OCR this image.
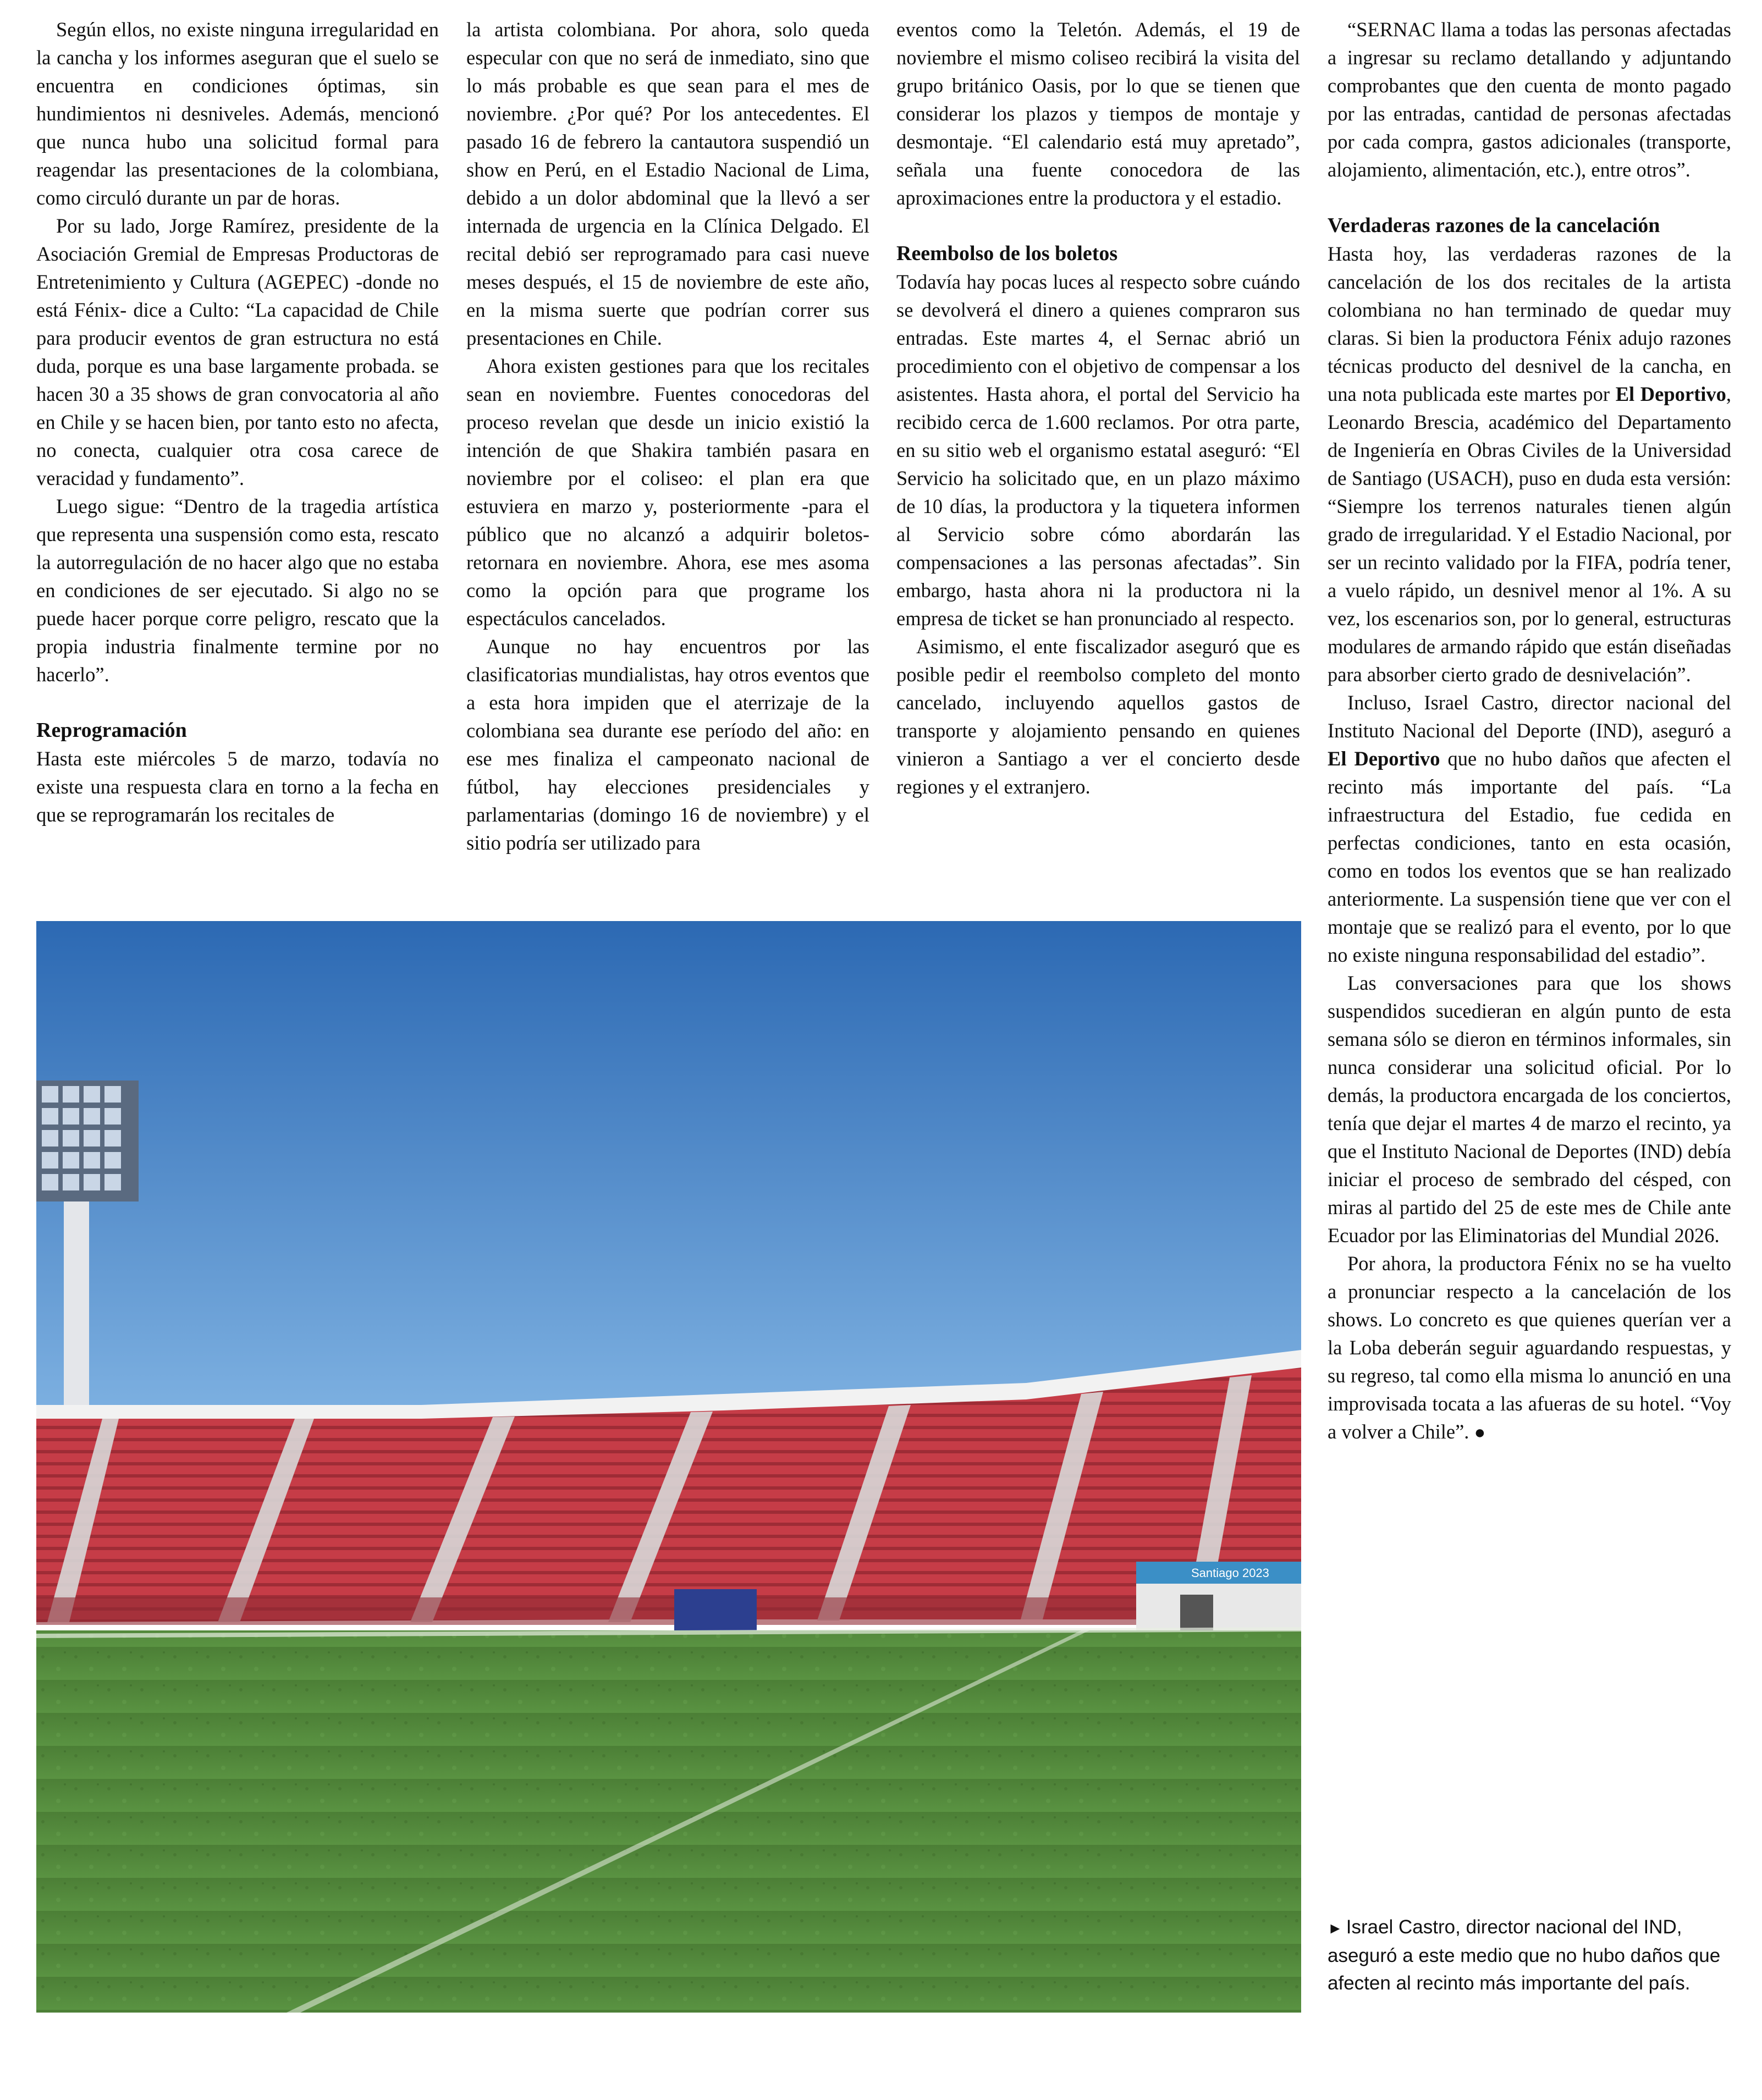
Según ellos, no existe ninguna irregularidad en la cancha y los informes aseguran que el suelo se encuentra en condiciones óptimas, sin hundimientos ni desniveles. Además, mencionó que nunca hubo una solicitud formal para reagendar las presentaciones de la colombiana, como circuló durante un par de horas.

Por su lado, Jorge Ramírez, presidente de la Asociación Gremial de Empresas Productoras de Entretenimiento y Cultura (AGEPEC) -donde no está Fénix- dice a Culto: “La capacidad de Chile para producir eventos de gran estructura no está duda, porque es una base largamente probada. se hacen 30 a 35 shows de gran convocatoria al año en Chile y se hacen bien, por tanto esto no afecta, no conecta, cualquier otra cosa carece de veracidad y fundamento”.

Luego sigue: “Dentro de la tragedia artística que representa una suspensión como esta, rescato la autorregulación de no hacer algo que no estaba en condiciones de ser ejecutado. Si algo no se puede hacer porque corre peligro, rescato que la propia industria finalmente termine por no hacerlo”.

Reprogramación

Hasta este miércoles 5 de marzo, todavía no existe una respuesta clara en torno a la fecha en que se reprogramarán los recitales de

la artista colombiana. Por ahora, solo queda especular con que no será de inmediato, sino que lo más probable es que sean para el mes de noviembre. ¿Por qué? Por los antecedentes. El pasado 16 de febrero la cantautora suspendió un show en Perú, en el Estadio Nacional de Lima, debido a un dolor abdominal que la llevó a ser internada de urgencia en la Clínica Delgado. El recital debió ser reprogramado para casi nueve meses después, el 15 de noviembre de este año, en la misma suerte que podrían correr sus presentaciones en Chile.

Ahora existen gestiones para que los recitales sean en noviembre. Fuentes conocedoras del proceso revelan que desde un inicio existió la intención de que Shakira también pasara en noviembre por el coliseo: el plan era que estuviera en marzo y, posteriormente -para el público que no alcanzó a adquirir boletos- retornara en noviembre. Ahora, ese mes asoma como la opción para que programe los espectáculos cancelados.

Aunque no hay encuentros por las clasificatorias mundialistas, hay otros eventos que a esta hora impiden que el aterrizaje de la colombiana sea durante ese período del año: en ese mes finaliza el campeonato nacional de fútbol, hay elecciones presidenciales y parlamentarias (domingo 16 de noviembre) y el sitio podría ser utilizado para

eventos como la Teletón. Además, el 19 de noviembre el mismo coliseo recibirá la visita del grupo británico Oasis, por lo que se tienen que considerar los plazos y tiempos de montaje y desmontaje. “El calendario está muy apretado”, señala una fuente conocedora de las aproximaciones entre la productora y el estadio.

Reembolso de los boletos

Todavía hay pocas luces al respecto sobre cuándo se devolverá el dinero a quienes compraron sus entradas. Este martes 4, el Sernac abrió un procedimiento con el objetivo de compensar a los asistentes. Hasta ahora, el portal del Servicio ha recibido cerca de 1.600 reclamos. Por otra parte, en su sitio web el organismo estatal aseguró: “El Servicio ha solicitado que, en un plazo máximo de 10 días, la productora y la tiquetera informen al Servicio sobre cómo abordarán las compensaciones a las personas afectadas”. Sin embargo, hasta ahora ni la productora ni la empresa de ticket se han pronunciado al respecto.

Asimismo, el ente fiscalizador aseguró que es posible pedir el reembolso completo del monto cancelado, incluyendo aquellos gastos de transporte y alojamiento pensando en quienes vinieron a Santiago a ver el concierto desde regiones y el extranjero.

“SERNAC llama a todas las personas afectadas a ingresar su reclamo detallando y adjuntando comprobantes que den cuenta de monto pagado por las entradas, cantidad de personas afectadas por cada compra, gastos adicionales (transporte, alojamiento, alimentación, etc.), entre otros”.

Verdaderas razones de la cancelación

Hasta hoy, las verdaderas razones de la cancelación de los dos recitales de la artista colombiana no han terminado de quedar muy claras. Si bien la productora Fénix adujo razones técnicas producto del desnivel de la cancha, en una nota publicada este martes por El Deportivo, Leonardo Brescia, académico del Departamento de Ingeniería en Obras Civiles de la Universidad de Santiago (USACH), puso en duda esta versión: “Siempre los terrenos naturales tienen algún grado de irregularidad. Y el Estadio Nacional, por ser un recinto validado por la FIFA, podría tener, a vuelo rápido, un desnivel menor al 1%. A su vez, los escenarios son, por lo general, estructuras modulares de armando rápido que están diseñadas para absorber cierto grado de desnivelación”.

Incluso, Israel Castro, director nacional del Instituto Nacional del Deporte (IND), aseguró a El Deportivo que no hubo daños que afecten el recinto más importante del país. “La infraestructura del Estadio, fue cedida en perfectas condiciones, tanto en esta ocasión, como en todos los eventos que se han realizado anteriormente. La suspensión tiene que ver con el montaje que se realizó para el evento, por lo que no existe ninguna responsabilidad del estadio”.

Las conversaciones para que los shows suspendidos sucedieran en algún punto de esta semana sólo se dieron en términos informales, sin nunca considerar una solicitud oficial. Por lo demás, la productora encargada de los conciertos, tenía que dejar el martes 4 de marzo el recinto, ya que el Instituto Nacional de Deportes (IND) debía iniciar el proceso de sembrado del césped, con miras al partido del 25 de este mes de Chile ante Ecuador por las Eliminatorias del Mundial 2026.

Por ahora, la productora Fénix no se ha vuelto a pronunciar respecto a la cancelación de los shows. Lo concreto es que quienes querían ver a la Loba deberán seguir aguardando respuestas, y su regreso, tal como ella misma lo anunció en una improvisada tocata a las afueras de su hotel. “Voy a volver a Chile”. ●

Santiago 2023
► Israel Castro, director nacional del IND, aseguró a este medio que no hubo daños que afecten al recinto más importante del país.
